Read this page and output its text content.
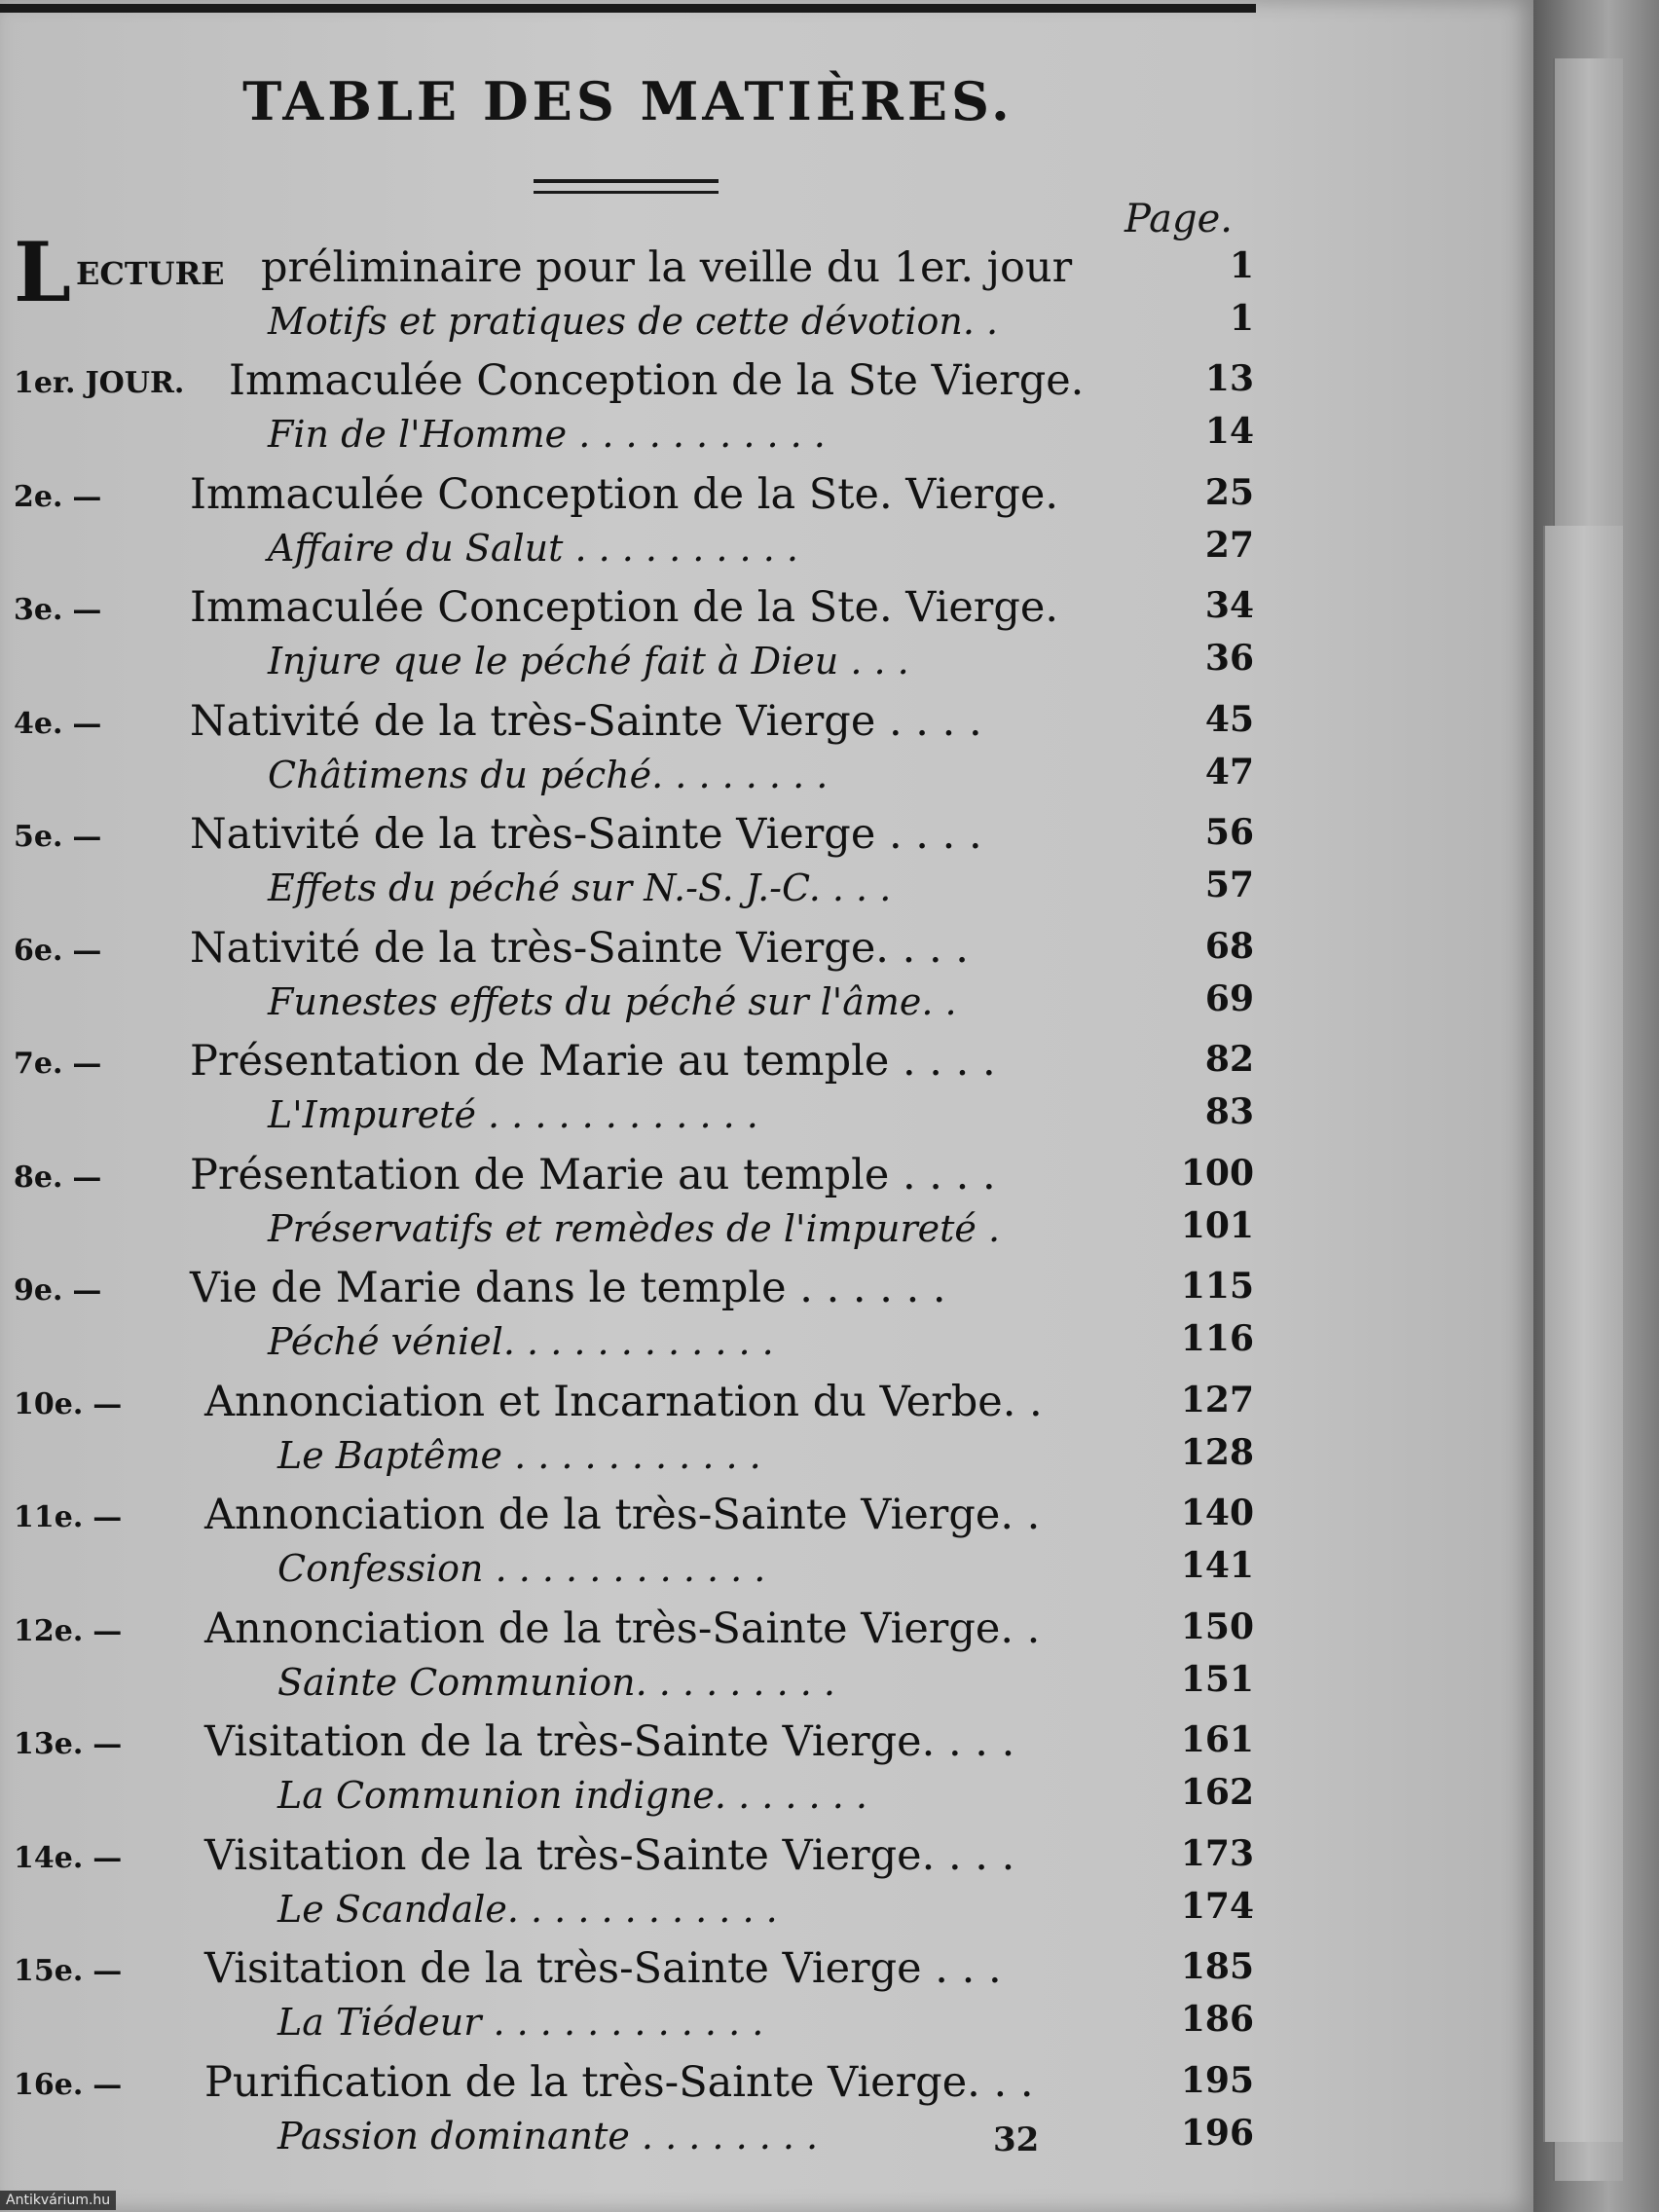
TABLE DES MATIÈRES.
Page.
L ECTURE préliminaire pour la veille du 1er. jour	1
Motifs et pratiques de cette dévotion. .	1
1er. JOUR. Immaculée Conception de la Ste Vierge.	13
Fin de l'Homme . . . . . . . . . . .	14
2e. —	Immaculée Conception de la Ste. Vierge.	25
Affaire du Salut . . . . . . . . . .	27
3e. —	Immaculée Conception de la Ste. Vierge.	34
Injure que le péché fait à Dieu . . .	36
4e. —	Nativité de la très-Sainte Vierge . . . .	45
Châtimens du péché. . . . . . . .	47
5e. —	Nativité de la très-Sainte Vierge . . . .	56
Effets du péché sur N.-S. J.-C. . . .	57
6e. —	Nativité de la très-Sainte Vierge. . . .	68
Funestes effets du péché sur l'âme. .	69
7e. —	Présentation de Marie au temple . . . .	82
L'Impureté . . . . . . . . . . . .	83
8e. —	Présentation de Marie au temple . . . .	100
Préservatifs et remèdes de l'impureté .	101
9e. —	Vie de Marie dans le temple . . . . . .	115
Péché véniel. . . . . . . . . . . .	116
10e. —	Annonciation et Incarnation du Verbe. .	127
Le Baptême . . . . . . . . . . .	128
11e. —	Annonciation de la très-Sainte Vierge. .	140
Confession . . . . . . . . . . . .	141
12e. —	Annonciation de la très-Sainte Vierge. .	150
Sainte Communion. . . . . . . . .	151
13e. —	Visitation de la très-Sainte Vierge. . . .	161
La Communion indigne. . . . . . .	162
14e. —	Visitation de la très-Sainte Vierge. . . .	173
Le Scandale. . . . . . . . . . . .	174
15e. —	Visitation de la très-Sainte Vierge . . .	185
La Tiédeur . . . . . . . . . . . .	186
16e. —	Purification de la très-Sainte Vierge. . .	195
Passion dominante . . . . . . . .	196
32
Antikvárium.hu
